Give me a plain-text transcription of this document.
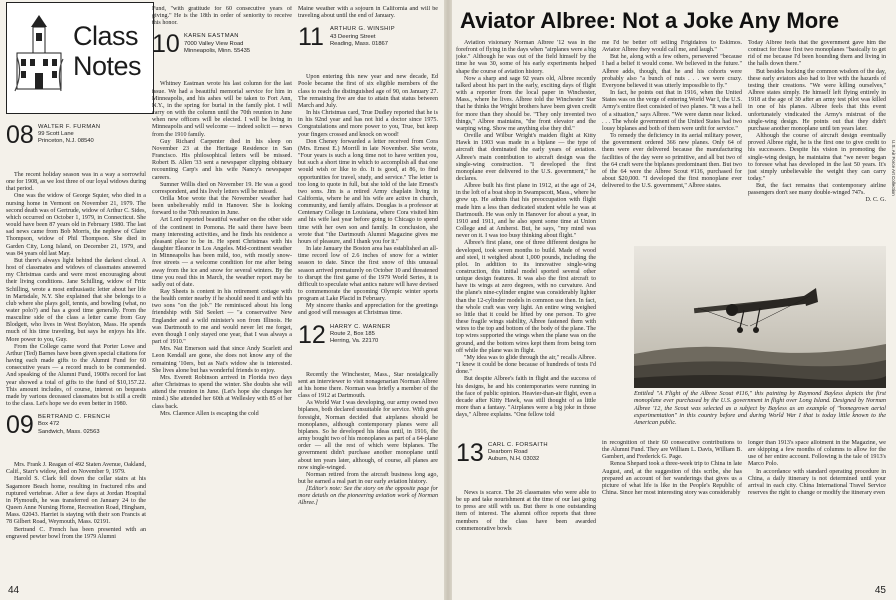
Class Notes
08 WALTER F. FURMAN
99 Scott Lane
Princeton, N.J. 08540

The recent holiday season was in a way a sorrowful one for 1908, as we lost three of our loyal widows during that period.

One was the widow of George Squier, who died in a nursing home in Vermont on November 21, 1979. The second death was of Gertrude, widow of Arthur C. Sides, which occurred on October 1, 1979, in Connecticut. She would have been 87 years old in February 1980. The last sad news came from Bob Morris, the nephew of Claire Thompson, widow of Phil Thompson. She died in Garden City, Long Island, on December 21, 1979, and was 84 years old last May.

But there's always light behind the darkest cloud. A host of classmates and widows of classmates answered my Christmas cards and were most encouraging about their living conditions. Jane Schilling, widow of Fritz Schilling, wrote a most enthusiastic letter about her life in Martsdale, N.Y. She explained that she belongs to a club where she plays golf, tennis, and bowling (what, no water polo?) and has a good time generally. From the masculine side of the class a letter came from Guy Blodgett, who lives in West Boylston, Mass. He spends much of his time traveling, but says he enjoys his life. More power to you, Guy.

From the College came word that Porter Lowe and Arthur (Ted) Barnes have been given special citations for having each made gifts to the Alumni Fund for 60 consecutive years — a record much to be commended. And speaking of the Alumni Fund, 1908's record for last year showed a total of gifts to the fund of $10,157.22. This amount includes, of course, interest on bequests made by various deceased classmates but is still a credit to the class. Let's hope we do even better in 1980.

09 BERTRAND C. FRENCH
Box 472
Sandwich, Mass. 02563

Mrs. Frank J. Reagan of 492 Staten Avenue, Oakland, Calif., Starr's widow, died on November 9, 1979.

Harold S. Clark fell down the cellar stairs at his Sagamore Beach home, resulting in fractured ribs and ruptured vertebrae. After a few days at Jordan Hospital in Plymouth, he was transferred on January 24 to the Queen Anne Nursing Home, Recreation Road, Hingham, Mass. 02043. Harriet is staying with their son Francis at 78 Gilbert Road, Weymouth, Mass. 02191.

Bertrand C. French has been presented with an engraved pewter bowl from the 1979 Alumni

Fund, "with gratitude for 60 consecutive years of giving." He is the 18th in order of seniority to receive this honor.

10 KAREN EASTMAN
7000 Valley View Road
Minneapolis, Minn. 55435

Whitney Eastman wrote his last column for the last issue. We had a beautiful memorial service for him in Minneapolis, and his ashes will be taken to Fort Ann, N.Y., in the spring for burial in the family plot. I will carry on with the column until the 70th reunion in June when new officers will be elected. I will be living in Minneapolis and will welcome — indeed solicit — news from the 1910 family.

Guy Richard Carpenter died in his sleep on November 23 at the Heritage Residence in San Francisco. His philosophical letters will be missed. Robert B. Allen '33 sent a newspaper clipping obituary recounting Carp's and his wife Nancy's newspaper careers.

Sumner Willis died on November 19. He was a good correspondent, and his lively letters will be missed.

Orilla Moe wrote that the November weather had been unbelievably mild in Hanover. She is looking forward to the 70th reunion in June.

Art Lord reported beautiful weather on the other side of the continent in Pomona. He said there have been many interesting activities, and he finds his residence a pleasant place to be in. He spent Christmas with his daughter Eleanor in Los Angeles. Mid-continent weather in Minneapolis has been mild, too, with mostly snow-free streets — a welcome condition for me after being away from the ice and snow for several winters. By the time you read this in March, the weather report may be sadly out of date.

Ray Sheets is content in his retirement cottage with the health center nearby if he should need it and with his two sons "on the job." He reminisced about his long friendship with Sid Seelert — "a conservative New Englander and a wild minister's son from Illinois. He was Dartmouth to me and would never let me forget, even though I only stayed one year, that I was always a part of 1910."

Mrs. Nat Emerson said that since Andy Scarlett and Leon Kendall are gone, she does not know any of the remaining '10ers, but as Nat's widow she is interested. She lives alone but has wonderful friends to enjoy.

Mrs. Everett Robinson arrived in Florida two days after Christmas to spend the winter. She doubts she will attend the reunion in June. (Let's hope she changes her mind.) She attended her 60th at Wellesley with 85 of her class back.

Mrs. Clarence Allen is escaping the cold

Maine weather with a sojourn in California and will be traveling about until the end of January.

11 ARTHUR G. WINSHIP
43 Deering Street
Reading, Mass. 01867

Upon entering this new year and new decade, Ed Poole became the first of six eligible members of the class to reach the distinguished age of 90, on January 27. The remaining five are due to attain that status between March and July.

In his Christmas card, True Dudley reported that he is in his 92nd year and has not hid a doctor since 1975. Congratulations and more power to you, True, but keep your fingers crossed and knock on wood!

Don Cheney forwarded a letter received from Cora (Mrs. Ernest E.) Morrill in late November. She wrote, "Four years is such a long time not to have written you, but such a short time in which to accomplish all that one would wish or like to do. It is good, at 86, to find opportunities for travel, study, and service." The letter is too long to quote in full, but she told of the late Ernest's two sons. Jim is a retired Army chaplain living in California, where he and his wife are active in church, community, and family affairs. Douglas is a professor at Centenary College in Louisiana, where Cora visited him and his wife last year before going to Chicago to spend time with her own son and family. In conclusion, she wrote that "the Dartmouth Alumni Magazine gives me hours of pleasure, and I thank you for it."

In late January the Boston area has established an all-time record low of 2.6 inches of snow for a winter season to date. Since the first snow of this unusual season arrived prematurely on October 10 and threatened to disrupt the first game of the 1979 World Series, it is difficult to speculate what antics nature will have devised to commemorate the upcoming Olympic winter sports program at Lake Placid in February.

My sincere thanks and appreciation for the greetings and good will messages at Christmas time.

12 HARRY C. WARNER
Route 2, Box 185
Herring, Va. 22170

Recently the Winchester, Mass., Star nostalgically sent an interviewer to visit nonagenarian Norman Albree at his home there. Norman was briefly a member of the class of 1912 at Dartmouth.

As World War I was developing, our army owned two biplanes, both declared unsuitable for service. With great foresight, Norman decided that airplanes should be monoplanes, although contemporary planes were all biplanes. So he developed his ideas until, in 1916, the army bought two of his monoplanes as part of a 64-plane order — all the rest of which were biplanes. The government didn't purchase another monoplane until about ten years later, although, of course, all planes are now single-winged.

Norman retired from the aircraft business long ago, but he earned a real part in our early aviation history.

[Editor's note: See the story on the opposite page for more details on the pioneering aviation work of Norman Albree.]

44
Aviator Albree: Not a Joke Any More

Aviation visionary Norman Albree '12 was in the forefront of flying in the days when "airplanes were a big joke." Although he was out of the field himself by the time he was 30, some of his early experiments helped shape the course of aviation history.

Now a sharp and sage 92 years old, Albree recently talked about his part in the early, exciting days of flight with a reporter from the local paper in Winchester, Mass., where he lives. Albree told the Winchester Star that he thinks the Wright brothers have been given credit for more than they should be. "They only invented two things," Albree maintains, "the front elevator and the warping wing. Show me anything else they did."

Orville and Wilbur Wright's maiden flight at Kitty Hawk in 1903 was made in a biplane — the type of aircraft that dominated the early years of aviation. Albree's main contribution to aircraft design was the single-wing construction. "I developed the first monoplane ever delivered to the U.S. government," he declares.

Albree built his first plane in 1912, at the age of 24, in the loft of a boat shop in Swampscott, Mass., where he grew up. He admits that his preoccupation with flight made him a less than dedicated student while he was at Dartmouth. He was only in Hanover for about a year, in 1910 and 1911, and he also spent some time at Union College and at Amherst. But, he says, "my mind was never on it. I was too busy thinking about flight."

Albree's first plane, one of three different designs he developed, took seven months to build. Made of wood and steel, it weighed about 1,000 pounds, including the pilot. In addition to its innovative single-wing construction, this initial model sported several other unique design features. It was also the first aircraft to have its wings at zero degrees, with no curvature. And the plane's nine-cylinder engine was considerably lighter than the 12-cylinder models in common use then. In fact, the whole craft was very light. An entire wing weighed so little that it could be lifted by one person. To give these fragile wings stability, Albree fastened them with wires to the top and bottom of the body of the plane. The top wires supported the wings when the plane was on the ground, and the bottom wires kept them from being torn off while the plane was in flight.

"My idea was to glide through the air," recalls Albree. "I knew it could be done because of hundreds of tests I'd done."

But despite Albree's faith in flight and the success of his designs, he and his contemporaries were running in the face of public opinion. Heavier-than-air flight, even a decade after Kitty Hawk, was still thought of as little more than a fantasy. "Airplanes were a big joke in those days," Albree explains. "One fellow told

me I'd be better off selling Frigidaires to Eskimos. Aviator Albree they would call me, and laugh."

But he, along with a few others, persevered "because I had a belief it would come. We believed in the future." Albree adds, though, that he and his cohorts were probably also "a bunch of nuts . . . we were crazy. Everyone believed it was utterly impossible to fly."

In fact, he points out that in 1916, when the United States was on the verge of entering World War I, the U.S. Army's entire fleet consisted of two planes. "It was a hell of a situation," says Albree. "We were damn near licked. . . . The whole government of the United States had two lousy biplanes and both of them were unfit for service."

To remedy the deficiency in its aerial military power, the government ordered 366 new planes. Only 64 of them were ever delivered because the manufacturing facilities of the day were so primitive, and all but two of the 64 craft were the biplanes predominant then. But two of the 64 were the Albree Scout #116, purchased for about $20,000. "I developed the first monoplane ever delivered to the U.S. government," Albree states.

Today Albree feels that the government gave him the contract for those first two monoplanes "basically to get rid of me because I'd been hounding them and living in the halls down there."

But besides bucking the common wisdom of the day, these early aviators also had to live with the hazards of testing their creations. "We were killing ourselves," Albree states simply. He himself left flying entirely in 1918 at the age of 30 after an army test pilot was killed in one of his planes. Albree feels that this event unfortunately vindicated the Army's mistrust of the single-wing design. He points out that they didn't purchase another monoplane until ten years later.

Although the course of aircraft design eventually proved Albree right, he is the first one to give credit to his successors. Despite his vision in promoting the single-wing design, he maintains that "we never began to foresee what has developed in the last 50 years. It's just simply unbelievable the weight they can carry today."

But, the fact remains that contemporary airline passengers don't see many double-winged 747s.

D. C. G.
U.S. Air Force Art Collection
Entitled "A Flight of the Albree Scout #116," this painting by Raymond Bayless depicts the first monoplane ever purchased by the U.S. government in flight over Long Island. Designed by Norman Albree '12, the Scout was selected as a subject by Bayless as an example of "homegrown aerial experimentation" in this country before and during World War I that is today little known to the American public.
13 CARL C. FORSAITH
Dearborn Road
Auburn, N.H. 03032

News is scarce. The 26 classmates who were able to be up and take nourishment at the time of our last going to press are still with us. But there is one outstanding item of interest. The alumni office reports that three members of the class have been awarded commemorative bowls

in recognition of their 60 consecutive contributions to the Alumni Fund. They are William L. Davis, William B. Gambert, and Frederick G. Page.

Renoa Shepard took a three-week trip to China in late August, and, at the suggestion of this scribe, she has prepared an account of her wanderings that gives us a picture of what life is like in the People's Republic of China. Since her most interesting story was considerably

longer than 1913's space allotment in the Magazine, we are skipping a few months of columns to allow for the use of her entire account. Following is the tale of 1913's Marco Polo.

In accordance with standard operating procedure in China, a daily itinerary is not determined until your arrival in each city. China International Travel Service reserves the right to change or modify the itinerary even

45
